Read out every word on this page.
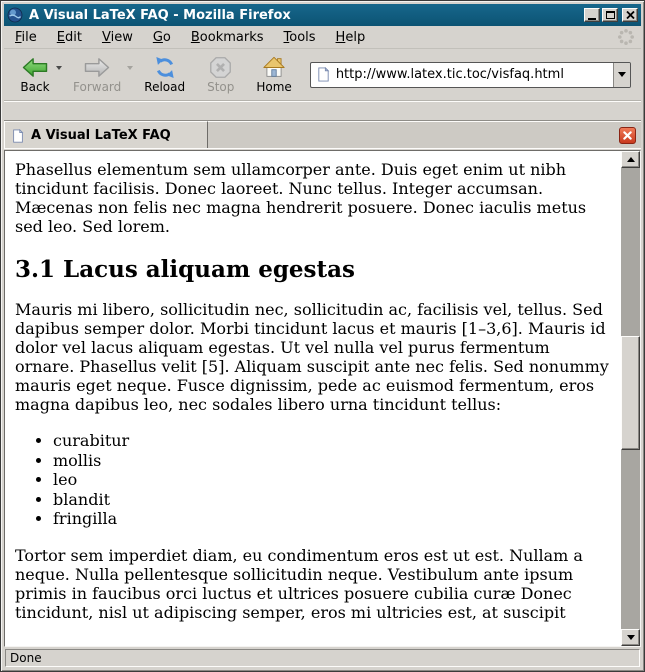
A Visual LaTeX FAQ - Mozilla Firefox
File	Edit	View	Go	Bookmarks	Tools	Help
Back Forward Reload Stop Home
http://www.latex.tic.toc/visfaq.html
A Visual LaTeX FAQ

Phasellus elementum sem ullamcorper ante. Duis eget enim ut nibh tincidunt facilisis. Donec laoreet. Nunc tellus. Integer accumsan. Mæcenas non felis nec magna hendrerit posuere. Donec iaculis metus sed leo. Sed lorem.

3.1 Lacus aliquam egestas

Mauris mi libero, sollicitudin nec, sollicitudin ac, facilisis vel, tellus. Sed dapibus semper dolor. Morbi tincidunt lacus et mauris [1–3,6]. Mauris id dolor vel lacus aliquam egestas. Ut vel nulla vel purus fermentum ornare. Phasellus velit [5]. Aliquam suscipit ante nec felis. Sed nonummy mauris eget neque. Fusce dignissim, pede ac euismod fermentum, eros magna dapibus leo, nec sodales libero urna tincidunt tellus:

• curabitur
• mollis
• leo
• blandit
• fringilla

Tortor sem imperdiet diam, eu condimentum eros est ut est. Nullam a neque. Nulla pellentesque sollicitudin neque. Vestibulum ante ipsum primis in faucibus orci luctus et ultrices posuere cubilia curæ Donec tincidunt, nisl ut adipiscing semper, eros mi ultricies est, at suscipit

Done
